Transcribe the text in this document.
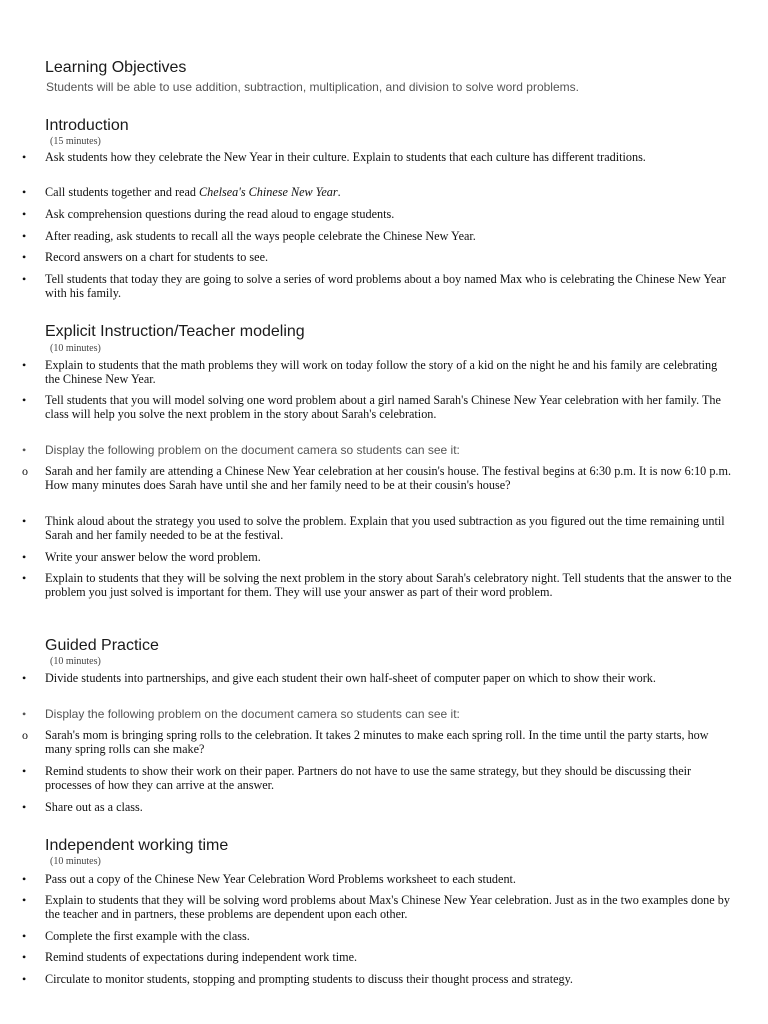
Learning Objectives
Students will be able to use addition, subtraction, multiplication, and division to solve word problems.
Introduction
(15 minutes)
• Ask students how they celebrate the New Year in their culture. Explain to students that each culture has different traditions.
• Call students together and read Chelsea's Chinese New Year.
• Ask comprehension questions during the read aloud to engage students.
• After reading, ask students to recall all the ways people celebrate the Chinese New Year.
• Record answers on a chart for students to see.
• Tell students that today they are going to solve a series of word problems about a boy named Max who is celebrating the Chinese New Year with his family.
Explicit Instruction/Teacher modeling
(10 minutes)
• Explain to students that the math problems they will work on today follow the story of a kid on the night he and his family are celebrating the Chinese New Year.
• Tell students that you will model solving one word problem about a girl named Sarah's Chinese New Year celebration with her family. The class will help you solve the next problem in the story about Sarah's celebration.
• Display the following problem on the document camera so students can see it:
o Sarah and her family are attending a Chinese New Year celebration at her cousin's house. The festival begins at 6:30 p.m. It is now 6:10 p.m. How many minutes does Sarah have until she and her family need to be at their cousin's house?
• Think aloud about the strategy you used to solve the problem. Explain that you used subtraction as you figured out the time remaining until Sarah and her family needed to be at the festival.
• Write your answer below the word problem.
• Explain to students that they will be solving the next problem in the story about Sarah's celebratory night. Tell students that the answer to the problem you just solved is important for them. They will use your answer as part of their word problem.
Guided Practice
(10 minutes)
• Divide students into partnerships, and give each student their own half-sheet of computer paper on which to show their work.
• Display the following problem on the document camera so students can see it:
o Sarah's mom is bringing spring rolls to the celebration. It takes 2 minutes to make each spring roll. In the time until the party starts, how many spring rolls can she make?
• Remind students to show their work on their paper. Partners do not have to use the same strategy, but they should be discussing their processes of how they can arrive at the answer.
• Share out as a class.
Independent working time
(10 minutes)
• Pass out a copy of the Chinese New Year Celebration Word Problems worksheet to each student.
• Explain to students that they will be solving word problems about Max's Chinese New Year celebration. Just as in the two examples done by the teacher and in partners, these problems are dependent upon each other.
• Complete the first example with the class.
• Remind students of expectations during independent work time.
• Circulate to monitor students, stopping and prompting students to discuss their thought process and strategy.
